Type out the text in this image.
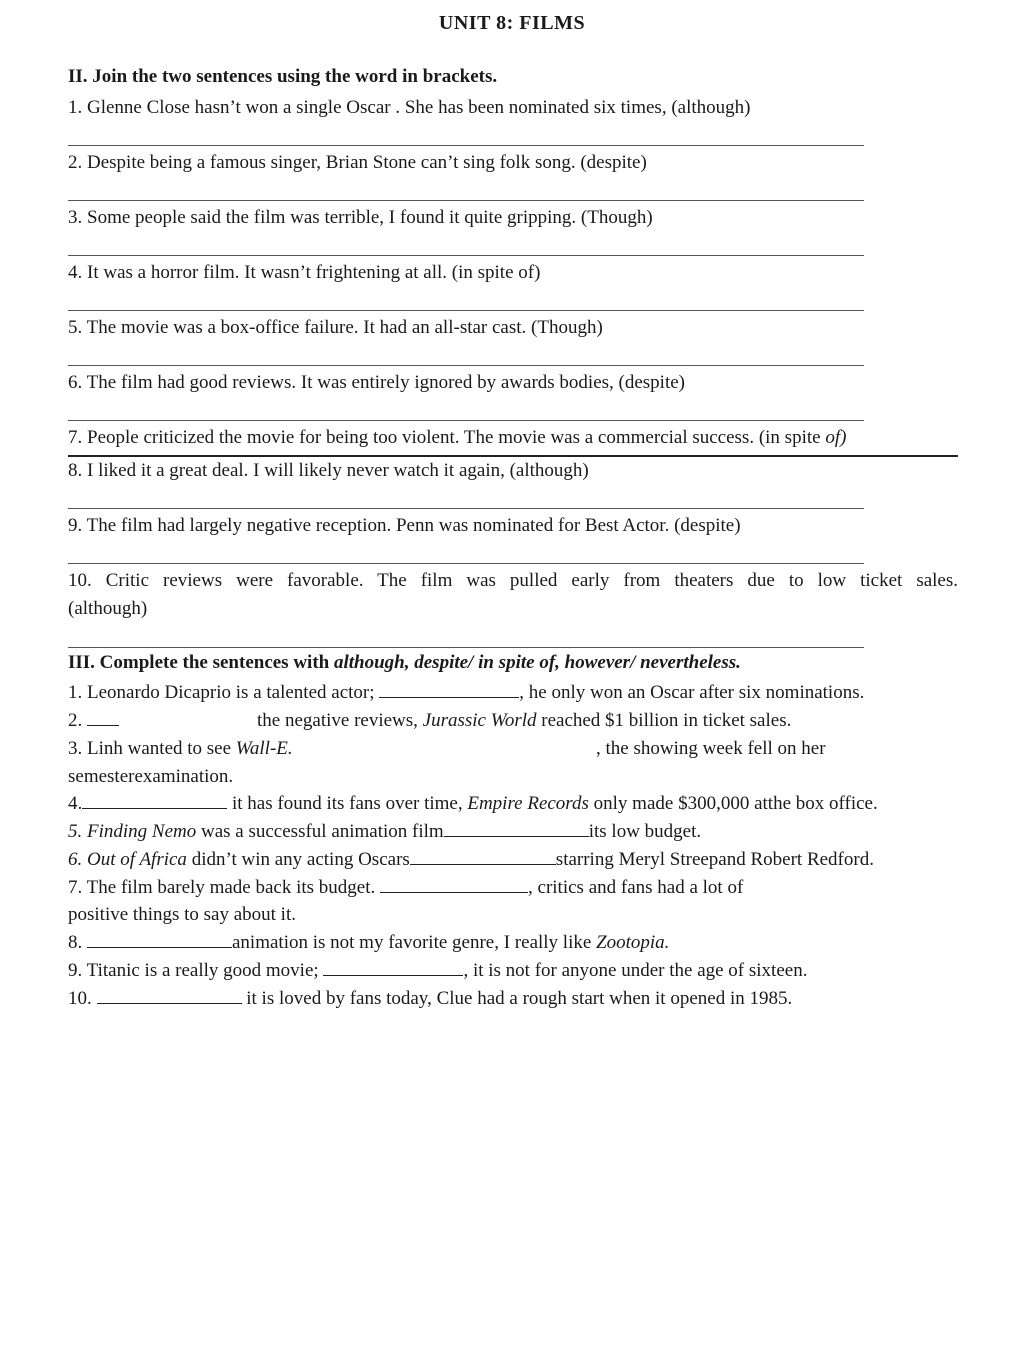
UNIT 8: FILMS
II. Join the two sentences using the word in brackets.
1. Glenne Close hasn’t won a single Oscar . She has been nominated six times, (although)
2. Despite being a famous singer, Brian Stone can’t sing folk song. (despite)
3. Some people said the film was terrible, I found it quite gripping. (Though)
4. It was a horror film. It wasn’t frightening at all. (in spite of)
5. The movie was a box-office failure. It had an all-star cast. (Though)
6. The film had good reviews. It was entirely ignored by awards bodies, (despite)
7. People criticized the movie for being too violent. The movie was a commercial success. (in spite of)
8. I liked it a great deal. I will likely never watch it again, (although)
9. The film had largely negative reception. Penn was nominated for Best Actor. (despite)
10. Critic reviews were favorable. The film was pulled early from theaters due to low ticket sales.
(although)
III. Complete the sentences with although, despite/ in spite of, however/ nevertheless.
1. Leonardo Dicaprio is a talented actor;	, he only won an Oscar after six nominations.
2.	the negative reviews, Jurassic World reached $1 billion in ticket sales.
3. Linh wanted to see Wall-E.	, the showing week fell on her
semesterexamination.
4.	it has found its fans over time, Empire Records only made $300,000 atthe box office.
5. Finding Nemo was a successful animation film	its low budget.
6. Out of Africa didn’t win any acting Oscars	starring Meryl Streepand Robert Redford.
7. The film barely made back its budget.	, critics and fans had a lot of
positive things to say about it.
8.	animation is not my favorite genre, I really like Zootopia.
9. Titanic is a really good movie;	, it is not for anyone under the age of sixteen.
10.	it is loved by fans today, Clue had a rough start when it opened in 1985.
